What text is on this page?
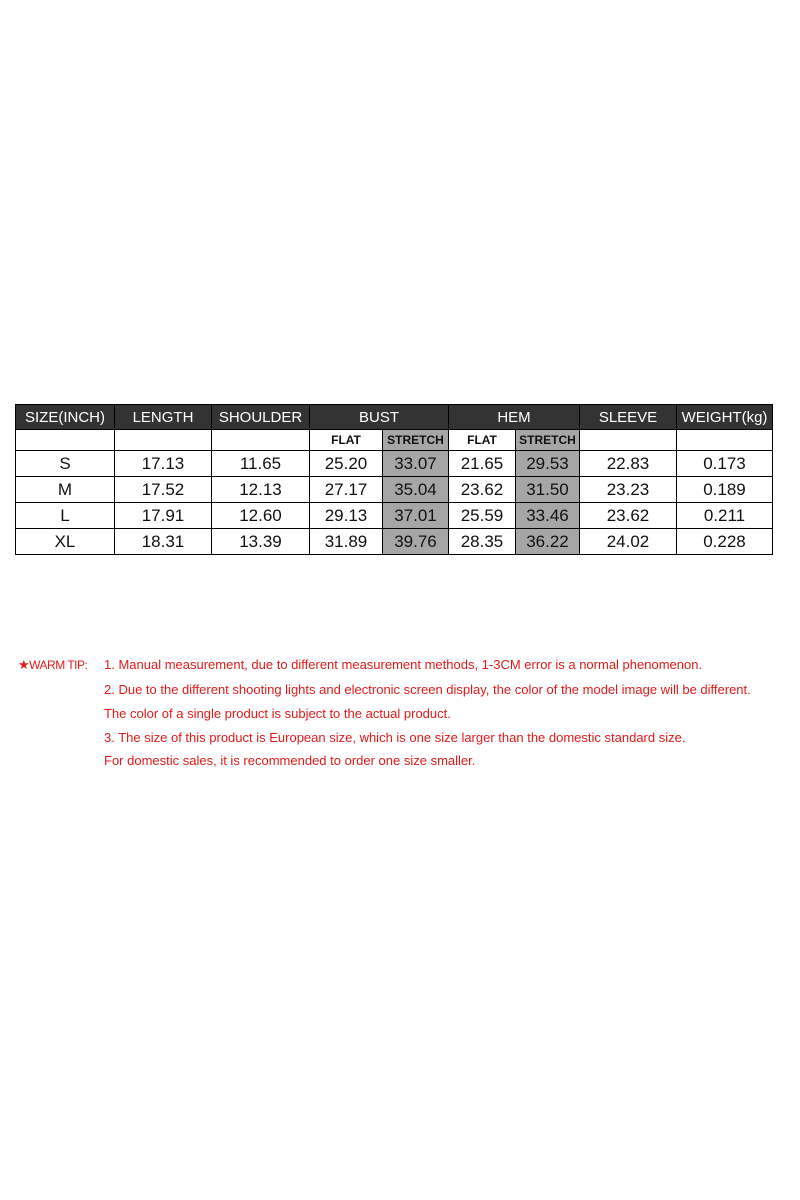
SIZE(INCH)	LENGTH	SHOULDER	BUST		HEM		SLEEVE	WEIGHT(kg)
			FLAT	STRETCH	FLAT	STRETCH		
S	17.13	11.65	25.20	33.07	21.65	29.53	22.83	0.173
M	17.52	12.13	27.17	35.04	23.62	31.50	23.23	0.189
L	17.91	12.60	29.13	37.01	25.59	33.46	23.62	0.211
XL	18.31	13.39	31.89	39.76	28.35	36.22	24.02	0.228
★WARM TIP: 1. Manual measurement, due to different measurement methods, 1-3CM error is a normal phenomenon.
2. Due to the different shooting lights and electronic screen display, the color of the model image will be different.
The color of a single product is subject to the actual product.
3. The size of this product is European size, which is one size larger than the domestic standard size.
For domestic sales, it is recommended to order one size smaller.
